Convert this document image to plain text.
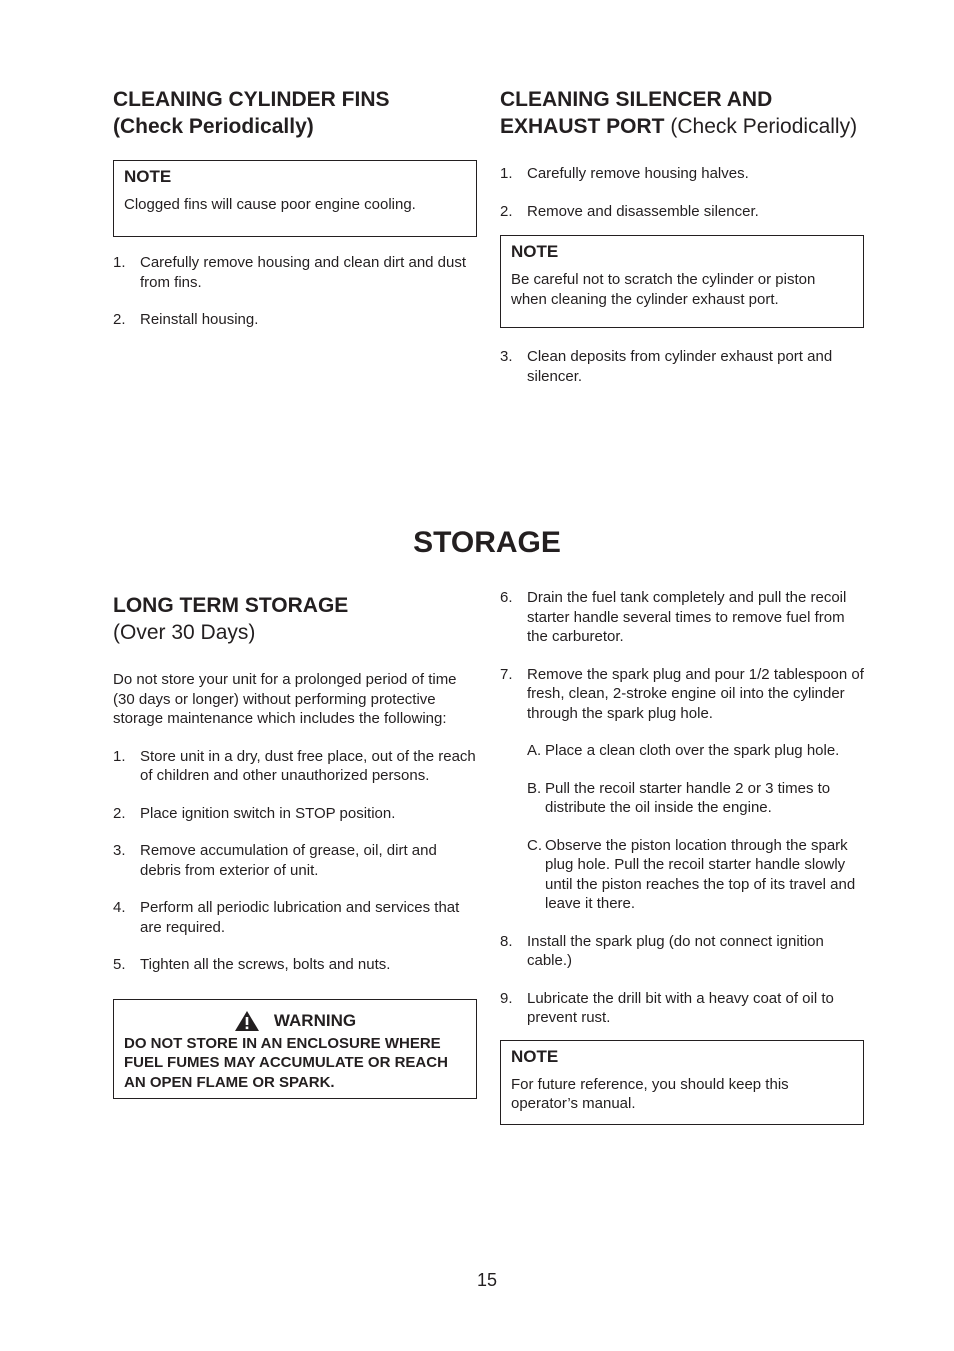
CLEANING CYLINDER FINS
(Check Periodically)
NOTE
Clogged fins will cause poor engine cooling.
1. Carefully remove housing and clean dirt and dust from fins.
2. Reinstall housing.
CLEANING SILENCER AND EXHAUST PORT (Check Periodically)
1. Carefully remove housing halves.
2. Remove and disassemble silencer.
NOTE
Be careful not to scratch the cylinder or piston when cleaning the cylinder exhaust port.
3. Clean deposits from cylinder exhaust port and silencer.
STORAGE
LONG TERM STORAGE
(Over 30 Days)

Do not store your unit for a prolonged period of time (30 days or longer) without performing protective storage maintenance which includes the following:

1. Store unit in a dry, dust free place, out of the reach of children and other unauthorized persons.
2. Place ignition switch in STOP position.
3. Remove accumulation of grease, oil, dirt and debris from exterior of unit.
4. Perform all periodic lubrication and services that are required.
5. Tighten all the screws, bolts and nuts.
WARNING
DO NOT STORE IN AN ENCLOSURE WHERE FUEL FUMES MAY ACCUMULATE OR REACH AN OPEN FLAME OR SPARK.
6. Drain the fuel tank completely and pull the recoil starter handle several times to remove fuel from the carburetor.
7. Remove the spark plug and pour 1/2 tablespoon of fresh, clean, 2-stroke engine oil into the cylinder through the spark plug hole.
A. Place a clean cloth over the spark plug hole.
B. Pull the recoil starter handle 2 or 3 times to distribute the oil inside the engine.
C. Observe the piston location through the spark plug hole. Pull the recoil starter handle slowly until the piston reaches the top of its travel and leave it there.
8. Install the spark plug (do not connect ignition cable.)
9. Lubricate the drill bit with a heavy coat of oil to prevent rust.
NOTE
For future reference, you should keep this operator’s manual.
15
